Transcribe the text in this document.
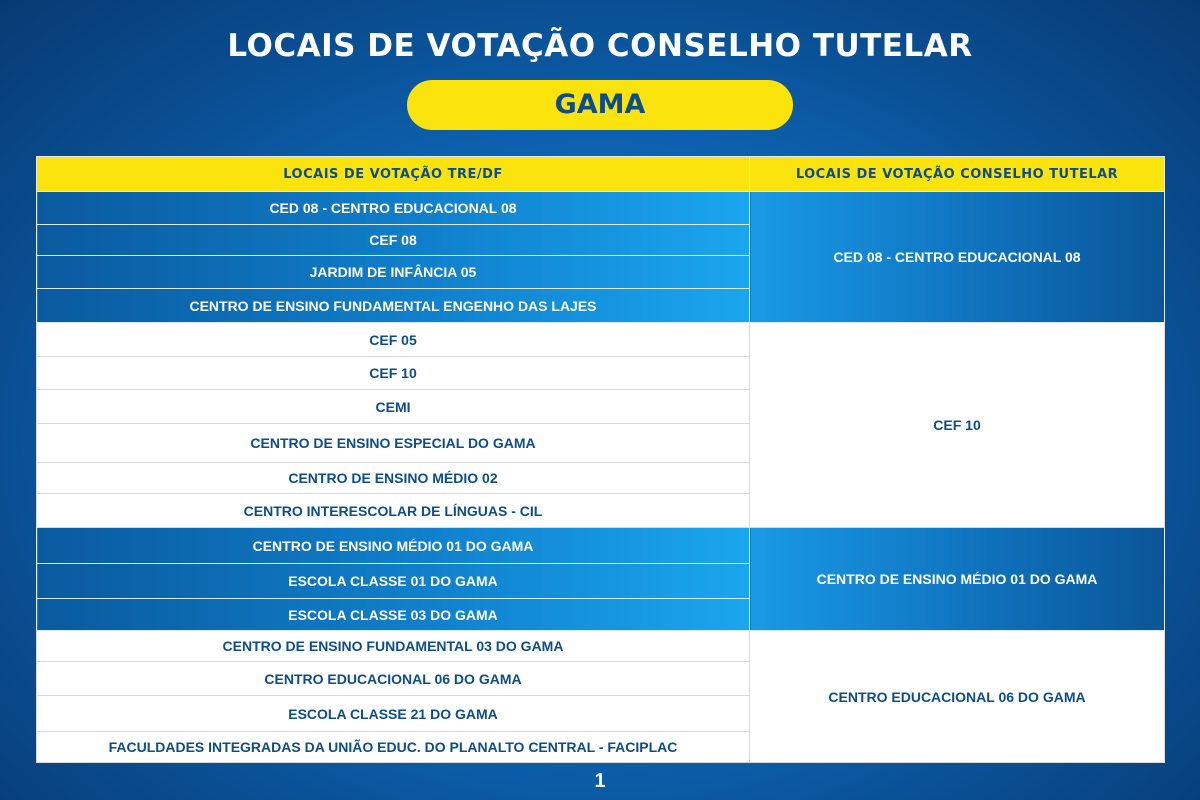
LOCAIS DE VOTAÇÃO CONSELHO TUTELAR
GAMA
LOCAIS DE VOTAÇÃO TRE/DF	LOCAIS DE VOTAÇÃO CONSELHO TUTELAR
CED 08 - CENTRO EDUCACIONAL 08	CED 08 - CENTRO EDUCACIONAL 08
CEF 08	
JARDIM DE INFÂNCIA 05	
CENTRO DE ENSINO FUNDAMENTAL ENGENHO DAS LAJES	
CEF 05	CEF 10
CEF 10	
CEMI	
CENTRO DE ENSINO ESPECIAL DO GAMA	
CENTRO DE ENSINO MÉDIO 02	
CENTRO INTERESCOLAR DE LÍNGUAS - CIL	
CENTRO DE ENSINO MÉDIO 01 DO GAMA	CENTRO DE ENSINO MÉDIO 01 DO GAMA
ESCOLA CLASSE 01 DO GAMA	
ESCOLA CLASSE 03 DO GAMA	
CENTRO DE ENSINO FUNDAMENTAL 03 DO GAMA	CENTRO EDUCACIONAL 06 DO GAMA
CENTRO EDUCACIONAL 06 DO GAMA	
ESCOLA CLASSE 21 DO GAMA	
FACULDADES INTEGRADAS DA UNIÃO EDUC. DO PLANALTO CENTRAL - FACIPLAC	
1
